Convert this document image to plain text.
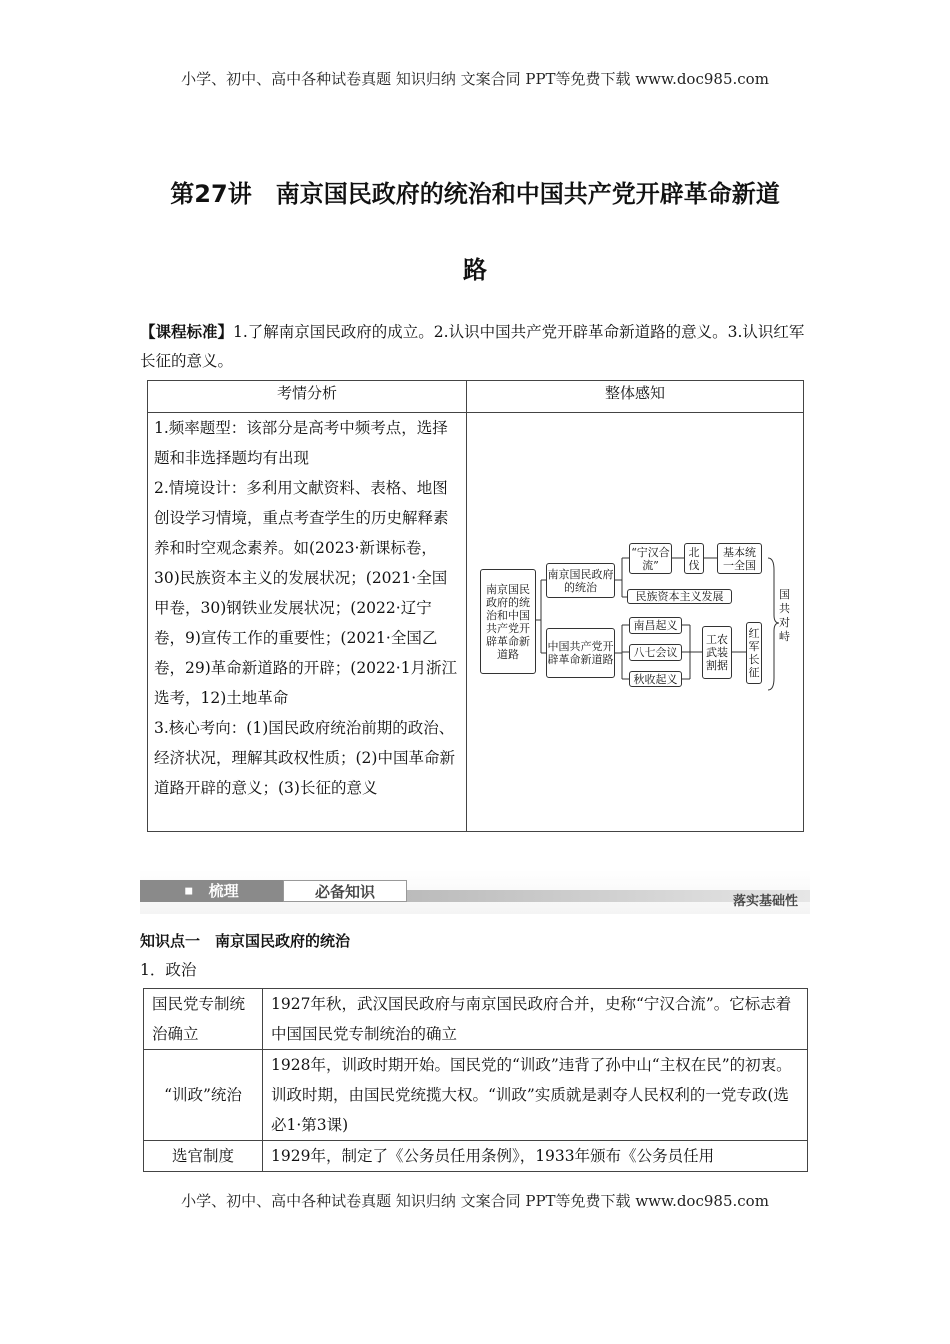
小学、初中、高中各种试卷真题 知识归纳 文案合同 PPT等免费下载 www.doc985.com
第27讲　南京国民政府的统治和中国共产党开辟革命新道
路
【课程标准】1.了解南京国民政府的成立。2.认识中国共产党开辟革命新道路的意义。3.认识红军长征的意义。
考情分析	整体感知
1.频率题型：该部分是高考中频考点，选择题和非选择题均有出现
2.情境设计：多利用文献资料、表格、地图创设学习情境，重点考查学生的历史解释素养和时空观念素养。如(2023·新课标卷，30)民族资本主义的发展状况；(2021·全国甲卷，30)钢铁业发展状况；(2022·辽宁卷，9)宣传工作的重要性；(2021·全国乙卷，29)革命新道路的开辟；(2022·1月浙江选考，12)土地革命
3.核心考向：(1)国民政府统治前期的政治、经济状况，理解其政权性质；(2)中国革命新道路开辟的意义；(3)长征的意义	
南京国民政府的统治和中国共产党开辟革命新道路
南京国民政府的统治
中国共产党开辟革命新道路
“宁汉合流”
北伐
基本统一全国
民族资本主义发展
南昌起义
八七会议
秋收起义
工农武装割据
红军长征
国共对峙
■ 梳理	必备知识
落实基础性
知识点一　南京国民政府的统治
1．政治
国民党专制统治确立	1927年秋，武汉国民政府与南京国民政府合并，史称“宁汉合流”。它标志着中国国民党专制统治的确立
“训政”统治	1928年，训政时期开始。国民党的“训政”违背了孙中山“主权在民”的初衷。训政时期，由国民党统揽大权。“训政”实质就是剥夺人民权利的一党专政(选必1·第3课)
选官制度	1929年，制定了《公务员任用条例》，1933年颁布《公务员任用
小学、初中、高中各种试卷真题 知识归纳 文案合同 PPT等免费下载 www.doc985.com
